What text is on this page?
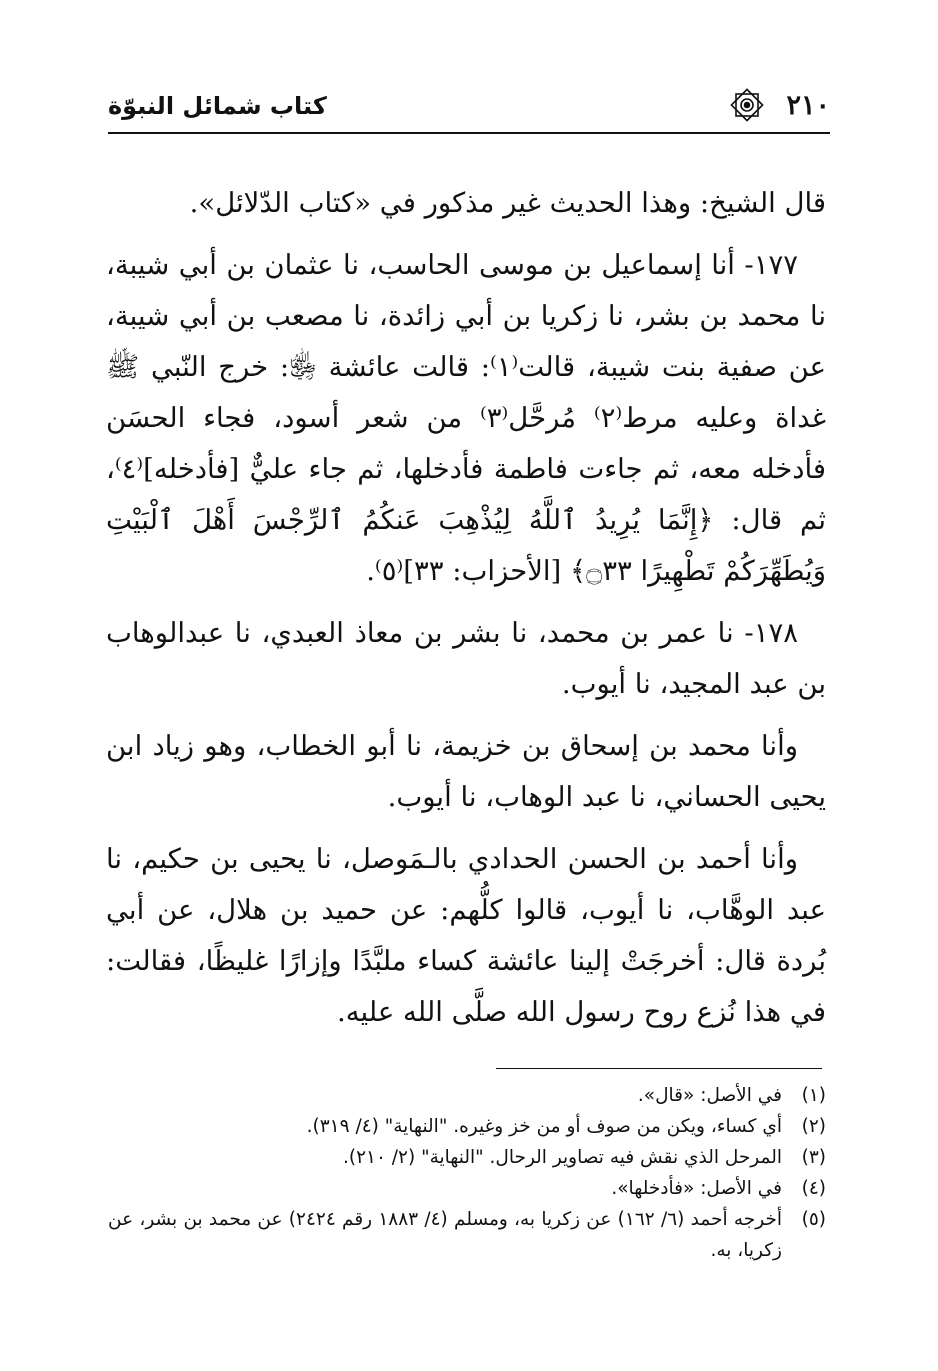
٢١٠
كتاب شمائل النبوّة

قال الشيخ: وهذا الحديث غير مذكور في «كتاب الدّلائل».

١٧٧- أنا إسماعيل بن موسى الحاسب، نا عثمان بن أبي شيبة، نا محمد بن بشر، نا زكريا بن أبي زائدة، نا مصعب بن أبي شيبة، عن صفية بنت شيبة، قالت⁽١⁾: قالت عائشة ﵂: خرج النّبي ﷺ غداة وعليه مرط⁽٢⁾ مُرحَّل⁽٣⁾ من شعر أسود، فجاء الحسَن فأدخله معه، ثم جاءت فاطمة فأدخلها، ثم جاء عليٌّ [فأدخله]⁽٤⁾، ثم قال: ﴿إِنَّمَا يُرِيدُ ٱللَّهُ لِيُذْهِبَ عَنكُمُ ٱلرِّجْسَ أَهْلَ ٱلْبَيْتِ وَيُطَهِّرَكُمْ تَطْهِيرًا ۝٣٣﴾ [الأحزاب: ٣٣]⁽٥⁾.

١٧٨- نا عمر بن محمد، نا بشر بن معاذ العبدي، نا عبدالوهاب بن عبد المجيد، نا أيوب.

وأنا محمد بن إسحاق بن خزيمة، نا أبو الخطاب، وهو زياد ابن يحيى الحساني، نا عبد الوهاب، نا أيوب.

وأنا أحمد بن الحسن الحدادي بالـمَوصل، نا يحيى بن حكيم، نا عبد الوهَّاب، نا أيوب، قالوا كلُّهم: عن حميد بن هلال، عن أبي بُردة قال: أخرجَتْ إلينا عائشة كساء ملبَّدًا وإزارًا غليظًا، فقالت: في هذا نُزع روح رسول الله صلَّى الله عليه.

(١)
في الأصل: «قال».
(٢)
أي كساء، ويكن من صوف أو من خز وغيره. "النهاية" (٤/ ٣١٩).
(٣)
المرحل الذي نقش فيه تصاوير الرحال. "النهاية" (٢/ ٢١٠).
(٤)
في الأصل: «فأدخلها».
(٥)
أخرجه أحمد (٦/ ١٦٢) عن زكريا به، ومسلم (٤/ ١٨٨٣ رقم ٢٤٢٤) عن محمد بن بشر، عن زكريا، به.
